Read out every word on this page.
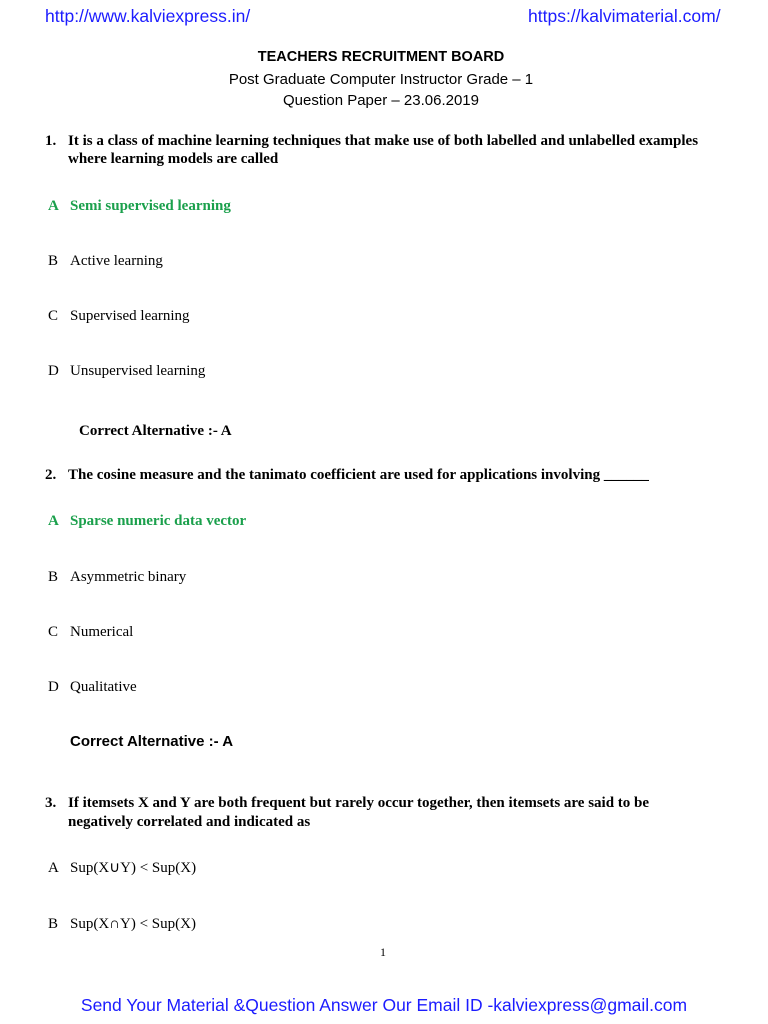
http://www.kalviexpress.in/	https://kalvimaterial.com/
TEACHERS RECRUITMENT BOARD
Post Graduate Computer Instructor Grade – 1
Question Paper – 23.06.2019
1. It is a class of machine learning techniques that make use of both labelled and unlabelled examples
where learning models are called
A Semi supervised learning
B Active learning
C Supervised learning
D Unsupervised learning
Correct Alternative :- A
2. The cosine measure and the tanimato coefficient are used for applications involving ______
A Sparse numeric data vector
B Asymmetric binary
C Numerical
D Qualitative
Correct Alternative :- A
3. If itemsets X and Y are both frequent but rarely occur together, then itemsets are said to be
negatively correlated and indicated as
A Sup(X∪Y) < Sup(X)
B Sup(X∩Y) < Sup(X)
1
Send Your Material &Question Answer Our Email ID -kalviexpress@gmail.com
